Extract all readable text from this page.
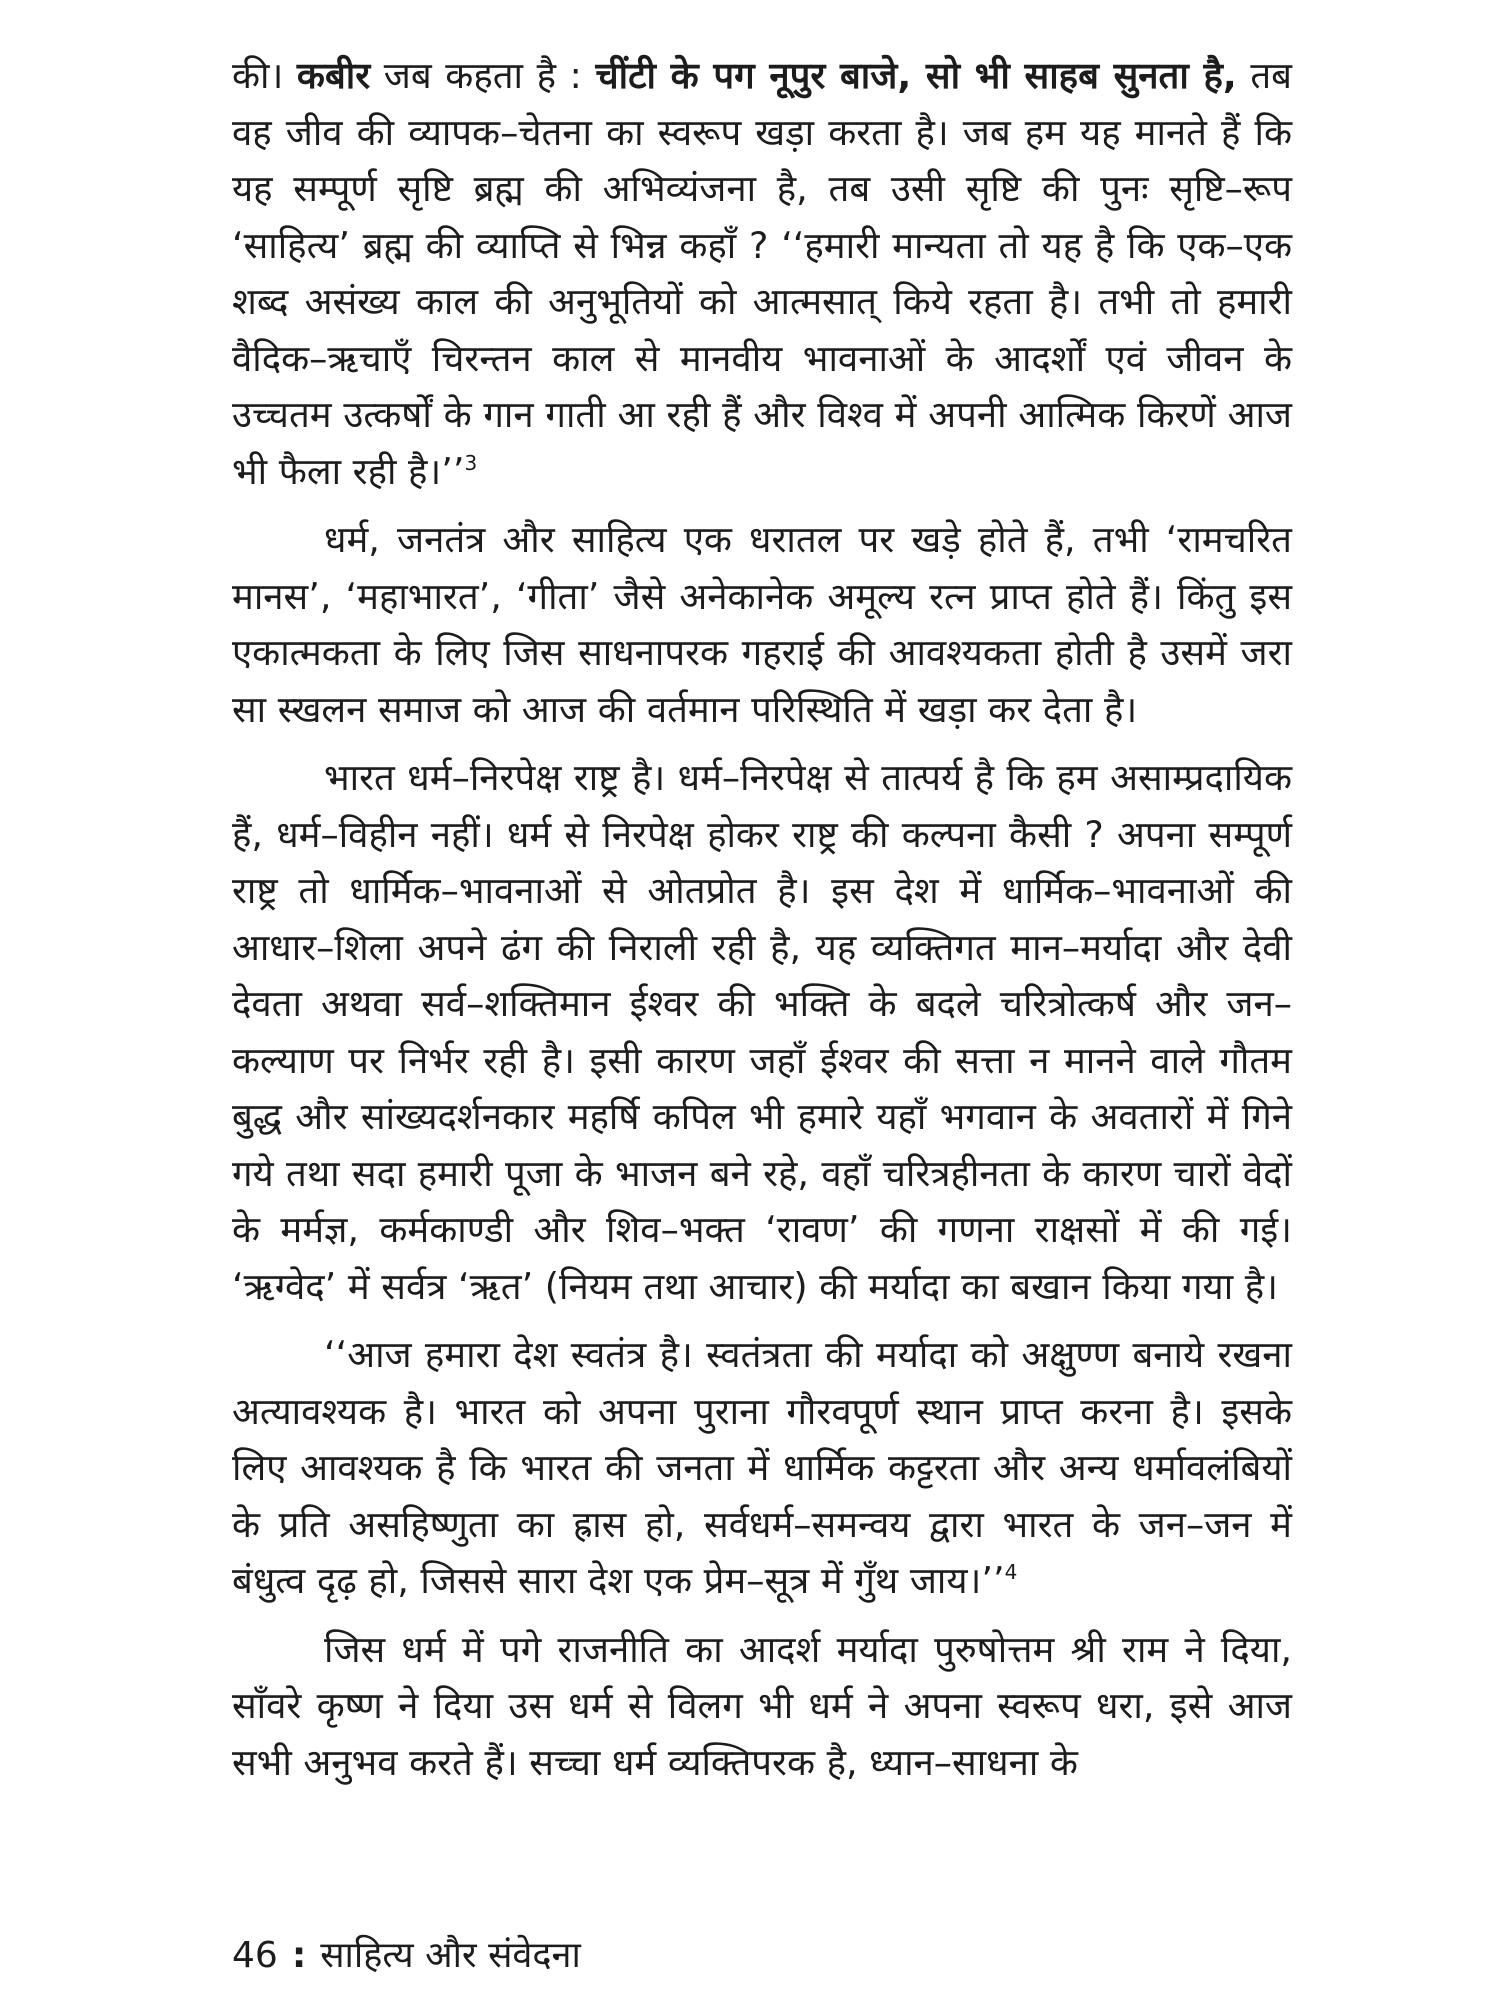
की। कबीर जब कहता है : चींटी के पग नूपुर बाजे, सो भी साहब सुनता है, तब वह जीव की व्यापक–चेतना का स्वरूप खड़ा करता है। जब हम यह मानते हैं कि यह सम्पूर्ण सृष्टि ब्रह्म की अभिव्यंजना है, तब उसी सृष्टि की पुनः सृष्टि–रूप ‘साहित्य’ ब्रह्म की व्याप्ति से भिन्न कहाँ ? ‘‘हमारी मान्यता तो यह है कि एक–एक शब्द असंख्य काल की अनुभूतियों को आत्मसात् किये रहता है। तभी तो हमारी वैदिक–ऋचाएँ चिरन्तन काल से मानवीय भावनाओं के आदर्शों एवं जीवन के उच्चतम उत्कर्षों के गान गाती आ रही हैं और विश्व में अपनी आत्मिक किरणें आज भी फैला रही है।’’$^3$

धर्म, जनतंत्र और साहित्य एक धरातल पर खड़े होते हैं, तभी ‘रामचरित मानस’, ‘महाभारत’, ‘गीता’ जैसे अनेकानेक अमूल्य रत्न प्राप्त होते हैं। किंतु इस एकात्मकता के लिए जिस साधनापरक गहराई की आवश्यकता होती है उसमें जरा सा स्खलन समाज को आज की वर्तमान परिस्थिति में खड़ा कर देता है।

भारत धर्म–निरपेक्ष राष्ट्र है। धर्म–निरपेक्ष से तात्पर्य है कि हम असाम्प्रदायिक हैं, धर्म–विहीन नहीं। धर्म से निरपेक्ष होकर राष्ट्र की कल्पना कैसी ? अपना सम्पूर्ण राष्ट्र तो धार्मिक–भावनाओं से ओतप्रोत है। इस देश में धार्मिक–भावनाओं की आधार–शिला अपने ढंग की निराली रही है, यह व्यक्तिगत मान–मर्यादा और देवी देवता अथवा सर्व–शक्तिमान ईश्वर की भक्ति के बदले चरित्रोत्कर्ष और जन–कल्याण पर निर्भर रही है। इसी कारण जहाँ ईश्वर की सत्ता न मानने वाले गौतम बुद्ध और सांख्यदर्शनकार महर्षि कपिल भी हमारे यहाँ भगवान के अवतारों में गिने गये तथा सदा हमारी पूजा के भाजन बने रहे, वहाँ चरित्रहीनता के कारण चारों वेदों के मर्मज्ञ, कर्मकाण्डी और शिव–भक्त ‘रावण’ की गणना राक्षसों में की गई। ‘ऋग्वेद’ में सर्वत्र ‘ऋत’ (नियम तथा आचार) की मर्यादा का बखान किया गया है।

‘‘आज हमारा देश स्वतंत्र है। स्वतंत्रता की मर्यादा को अक्षुण्ण बनाये रखना अत्यावश्यक है। भारत को अपना पुराना गौरवपूर्ण स्थान प्राप्त करना है। इसके लिए आवश्यक है कि भारत की जनता में धार्मिक कट्टरता और अन्य धर्मावलंबियों के प्रति असहिष्णुता का ह्रास हो, सर्वधर्म–समन्वय द्वारा भारत के जन–जन में बंधुत्व दृढ़ हो, जिससे सारा देश एक प्रेम–सूत्र में गुँथ जाय।’’$^4$

जिस धर्म में पगे राजनीति का आदर्श मर्यादा पुरुषोत्तम श्री राम ने दिया, साँवरे कृष्ण ने दिया उस धर्म से विलग भी धर्म ने अपना स्वरूप धरा, इसे आज सभी अनुभव करते हैं। सच्चा धर्म व्यक्तिपरक है, ध्यान–साधना के

46 : साहित्य और संवेदना
